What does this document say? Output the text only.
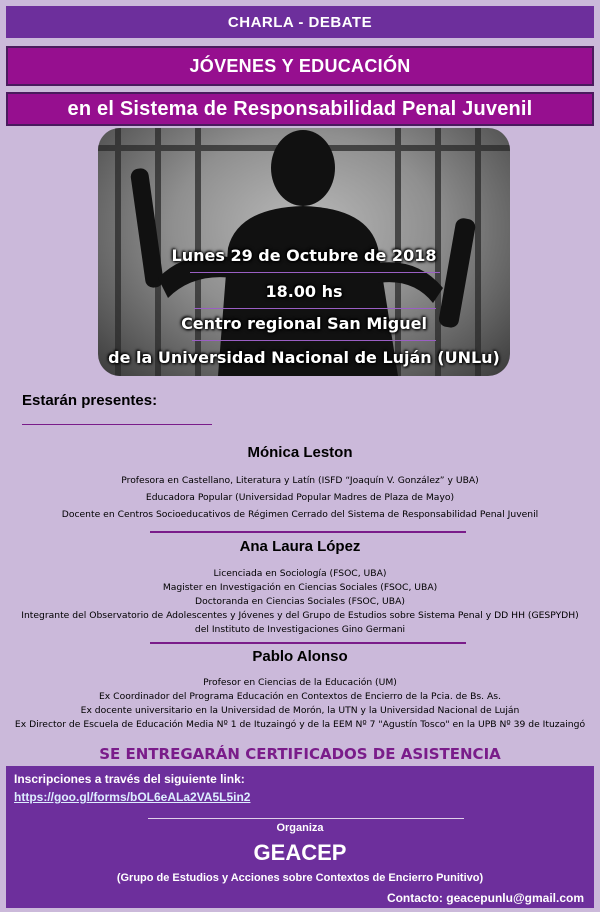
CHARLA - DEBATE
JÓVENES Y EDUCACIÓN
en el Sistema de Responsabilidad Penal Juvenil
Lunes 29 de Octubre de 2018
18.00 hs
Centro regional San Miguel
de la Universidad Nacional de Luján (UNLu)
Estarán presentes:
Mónica Leston
Profesora en Castellano, Literatura y Latín (ISFD “Joaquín V. González” y UBA)
Educadora Popular (Universidad Popular Madres de Plaza de Mayo)
Docente en Centros Socioeducativos de Régimen Cerrado del Sistema de Responsabilidad Penal Juvenil
Ana Laura López
Licenciada en Sociología (FSOC, UBA)
Magister en Investigación en Ciencias Sociales (FSOC, UBA)
Doctoranda en Ciencias Sociales (FSOC, UBA)
Integrante del Observatorio de Adolescentes y Jóvenes y del Grupo de Estudios sobre Sistema Penal y DD HH (GESPYDH)
del Instituto de Investigaciones Gino Germani
Pablo Alonso
Profesor en Ciencias de la Educación (UM)
Ex Coordinador del Programa Educación en Contextos de Encierro de la Pcia. de Bs. As.
Ex docente universitario en la Universidad de Morón, la UTN y la Universidad Nacional de Luján
Ex Director de Escuela de Educación Media Nº 1 de Ituzaingó y de la EEM Nº 7 "Agustín Tosco" en la UPB Nº 39 de Ituzaingó
SE ENTREGARÁN CERTIFICADOS DE ASISTENCIA
Inscripciones a través del siguiente link:
https://goo.gl/forms/bOL6eALa2VA5L5in2
Organiza
GEACEP
(Grupo de Estudios y Acciones sobre Contextos de Encierro Punitivo)
Contacto: geacepunlu@gmail.com
